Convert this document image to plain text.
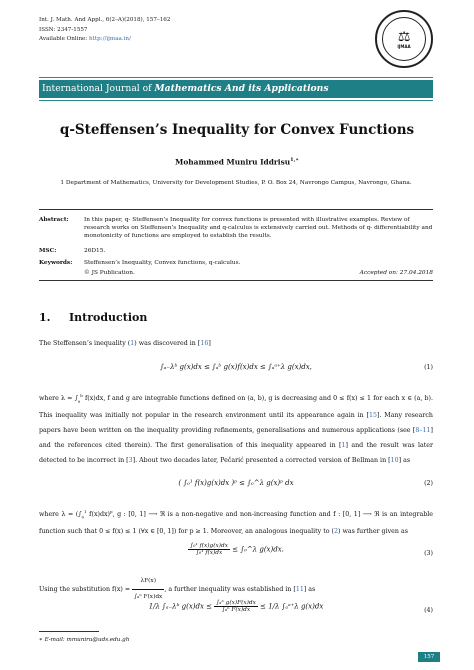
Int. J. Math. And Appl., 6(2–A)(2018), 157–162
ISSN: 2347-1557
Available Online: http://ijmaa.in/	⚖
IJMAA
International Journal of Mathematics And its Applications
q-Steffensen’s Inequality for Convex Functions
Mohammed Muniru Iddrisu$^{1,∗}$
1 Department of Mathematics, University for Development Studies, P. O. Box 24, Navrongo Campus, Navrongo, Ghana.
Abstract:	In this paper, q- Steffensen’s Inequality for convex functions is presented with illustrative examples. Review of research works on Steffensen’s Inequality and q-calculus is extensively carried out. Methods of q- differentiability and monotonicity of functions are employed to establish the results.
MSC:	26D15.
Keywords: Steffensen’s Inequality, Convex functions, q-calculus.
© JS Publication.	Accepted on: 27.04.2018
1. Introduction
The Steffensen’s inequality (1) was discovered in [16]
∫ₐ₋λᵇ g(x)dx ≤ ∫ₐᵇ g(x)f(x)dx ≤ ∫ₐᵃ⁺λ g(x)dx,	(1)
where $\lambda = \int_a^b$ f(x)dx, f and g are integrable functions defined on (a, b), g is decreasing and 0 ≤ f(x) ≤ 1 for each x ∈ (a, b). This inequality was initially not popular in the research environment until its appearance again in [15]. Many research papers have been written on the inequality providing refinements, generalisations and numerous applications (see [8–11] and the references cited therein). The first generalisation of this inequality appeared in [1] and the result was later detected to be incorrect in [3]. About two decades later, Pečarić presented a corrected version of Bellman in [10] as
( ∫₀¹ f(x)g(x)dx )ᵖ ≤ ∫₀^λ g(x)ᵖ dx	(2)
where $\lambda = (\int_0^1$ f(x)dx)$^p$, g : [0, 1] ⟶ ℜ is a non-negative and non-increasing function and f : [0, 1] ⟶ ℜ is an integrable function such that 0 ≤ f(x) ≤ 1 (∀x ∈ [0, 1]) for p ≥ 1. Moreover, an analogous inequality to (2) was further given as
$\frac{\text{∫₀¹ f(x)g(x)dx}}{\text{∫₀¹ f(x)dx}}$ ≤ ∫₀^λ g(x)dx.	(3)
Using the substitution $f(x) = \frac{\lambda F(x)}{\text{∫ₐᵇ F(x)dx}}$ , a further inequality was established in [11] as
1/λ ∫ₐ₋λᵇ $g(x)dx \le \frac{\text{∫ₐᵇ g(x)F(x)dx}}{\text{∫ₐᵇ F(x)dx}} \le 1/\lambda$ ∫ₐᵃ⁺λ g(x)dx	(4)
∗ E-mail: mmuniru@uds.edu.gh
157
